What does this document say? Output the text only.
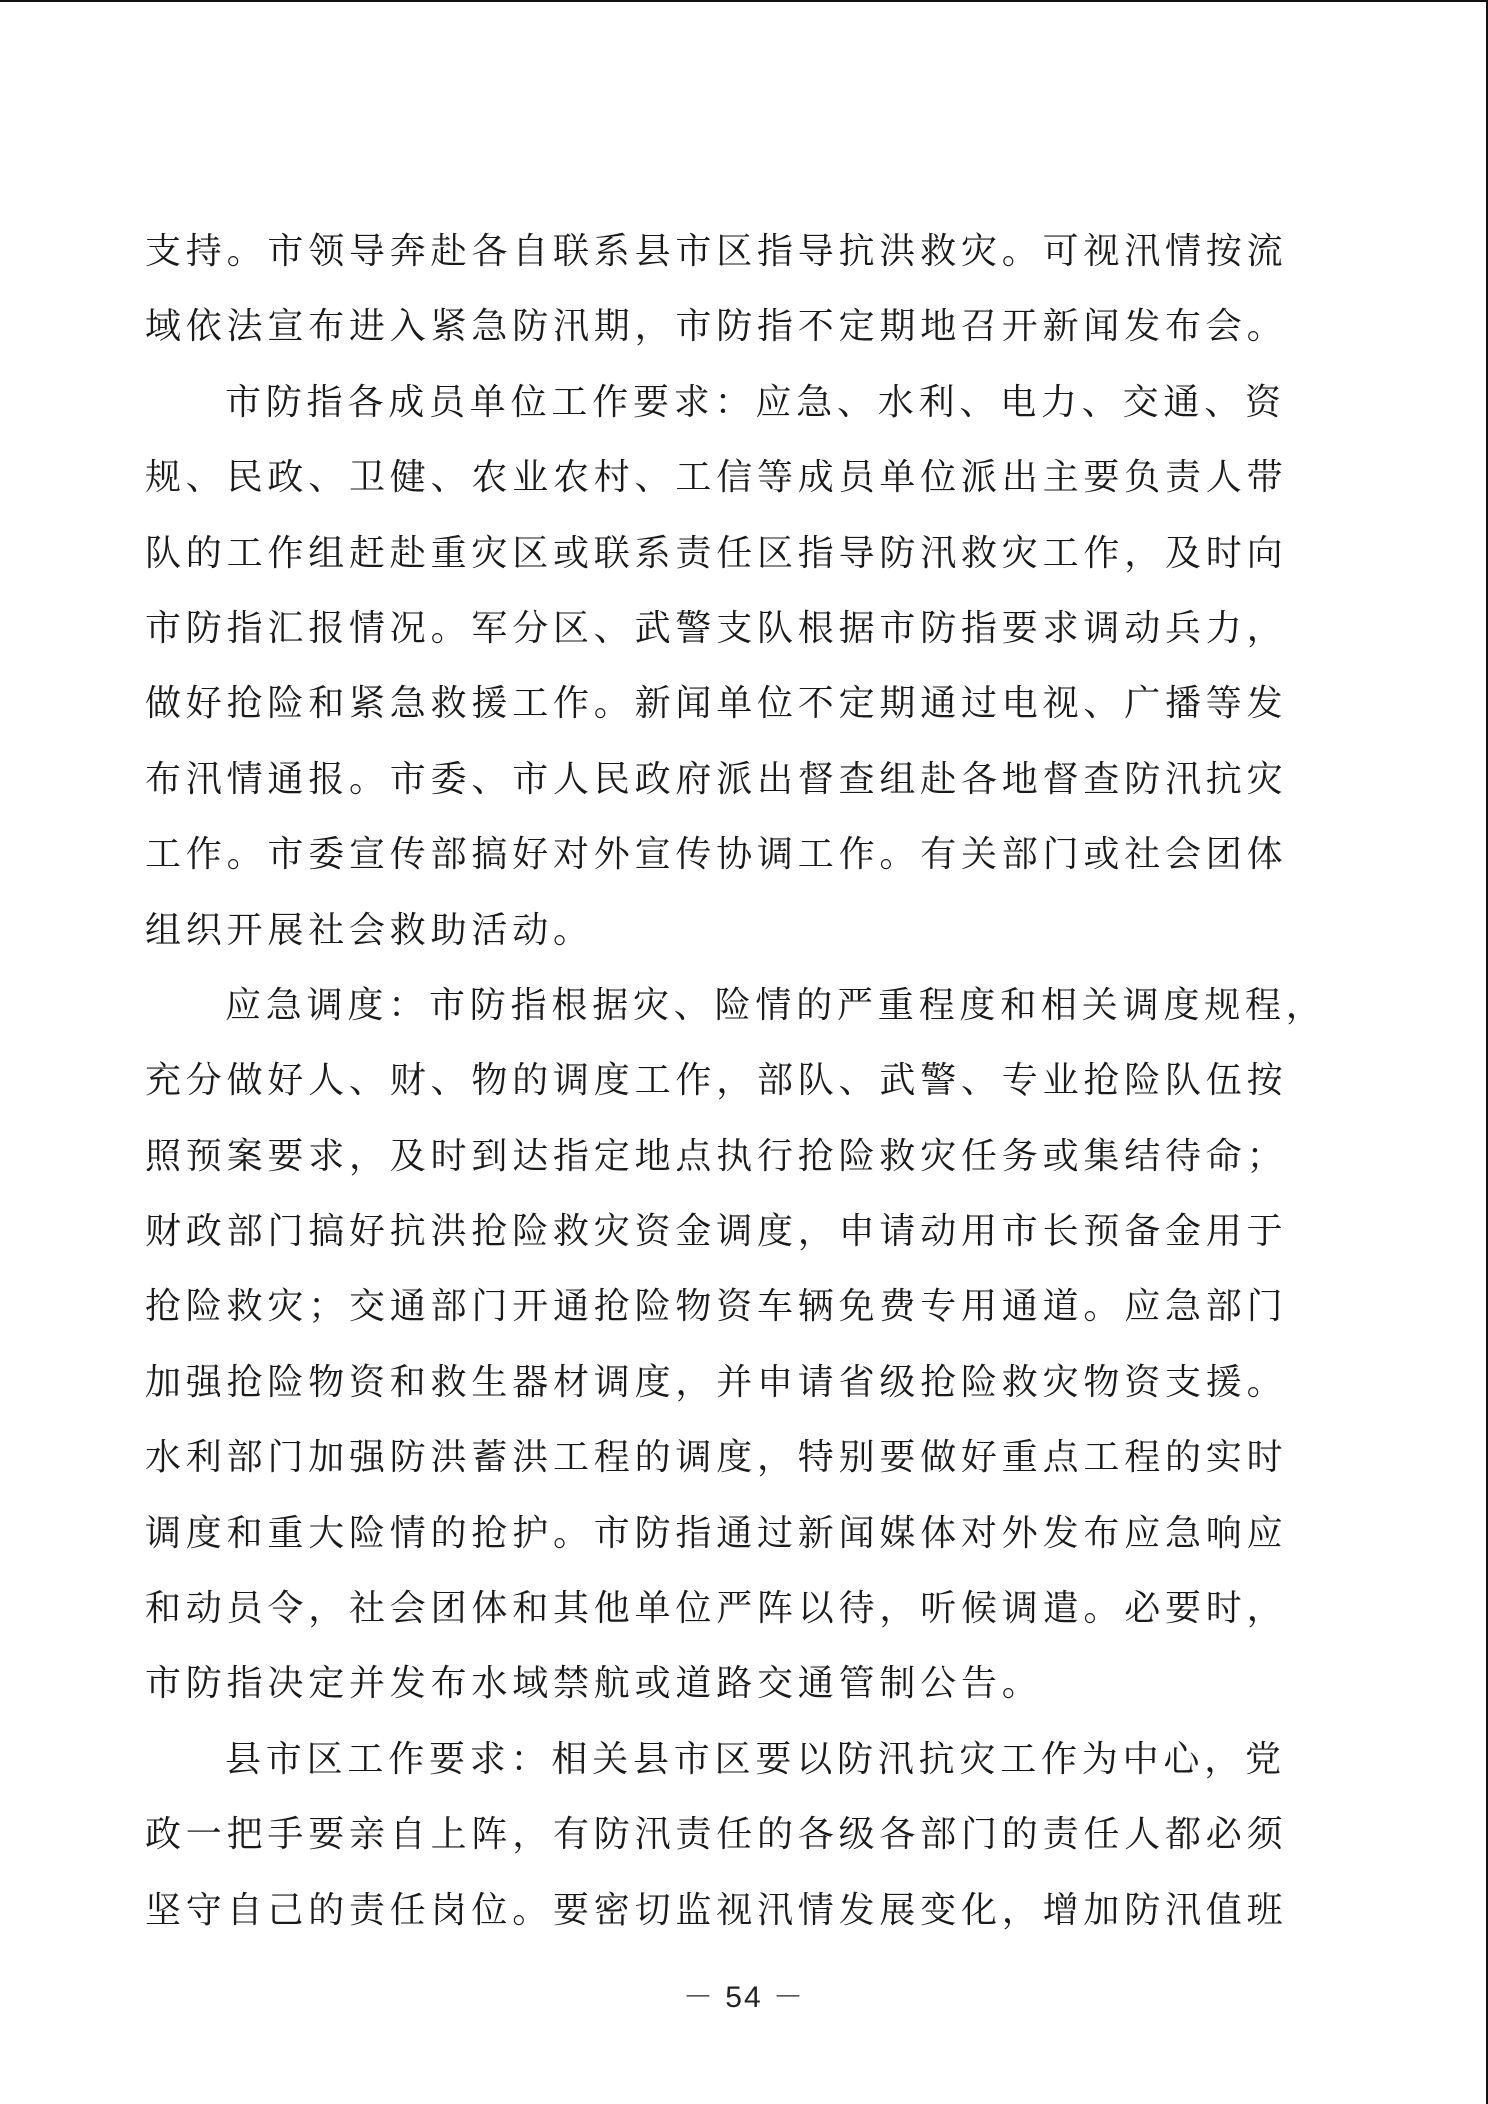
支持。市领导奔赴各自联系县市区指导抗洪救灾。可视汛情按流
域依法宣布进入紧急防汛期，市防指不定期地召开新闻发布会。
市防指各成员单位工作要求：应急、水利、电力、交通、资
规、民政、卫健、农业农村、工信等成员单位派出主要负责人带
队的工作组赶赴重灾区或联系责任区指导防汛救灾工作，及时向
市防指汇报情况。军分区、武警支队根据市防指要求调动兵力，
做好抢险和紧急救援工作。新闻单位不定期通过电视、广播等发
布汛情通报。市委、市人民政府派出督查组赴各地督查防汛抗灾
工作。市委宣传部搞好对外宣传协调工作。有关部门或社会团体
组织开展社会救助活动。
应急调度：市防指根据灾、险情的严重程度和相关调度规程，
充分做好人、财、物的调度工作，部队、武警、专业抢险队伍按
照预案要求，及时到达指定地点执行抢险救灾任务或集结待命；
财政部门搞好抗洪抢险救灾资金调度，申请动用市长预备金用于
抢险救灾；交通部门开通抢险物资车辆免费专用通道。应急部门
加强抢险物资和救生器材调度，并申请省级抢险救灾物资支援。
水利部门加强防洪蓄洪工程的调度，特别要做好重点工程的实时
调度和重大险情的抢护。市防指通过新闻媒体对外发布应急响应
和动员令，社会团体和其他单位严阵以待，听候调遣。必要时，
市防指决定并发布水域禁航或道路交通管制公告。
县市区工作要求：相关县市区要以防汛抗灾工作为中心，党
政一把手要亲自上阵，有防汛责任的各级各部门的责任人都必须
坚守自己的责任岗位。要密切监视汛情发展变化，增加防汛值班
－ 54 －
